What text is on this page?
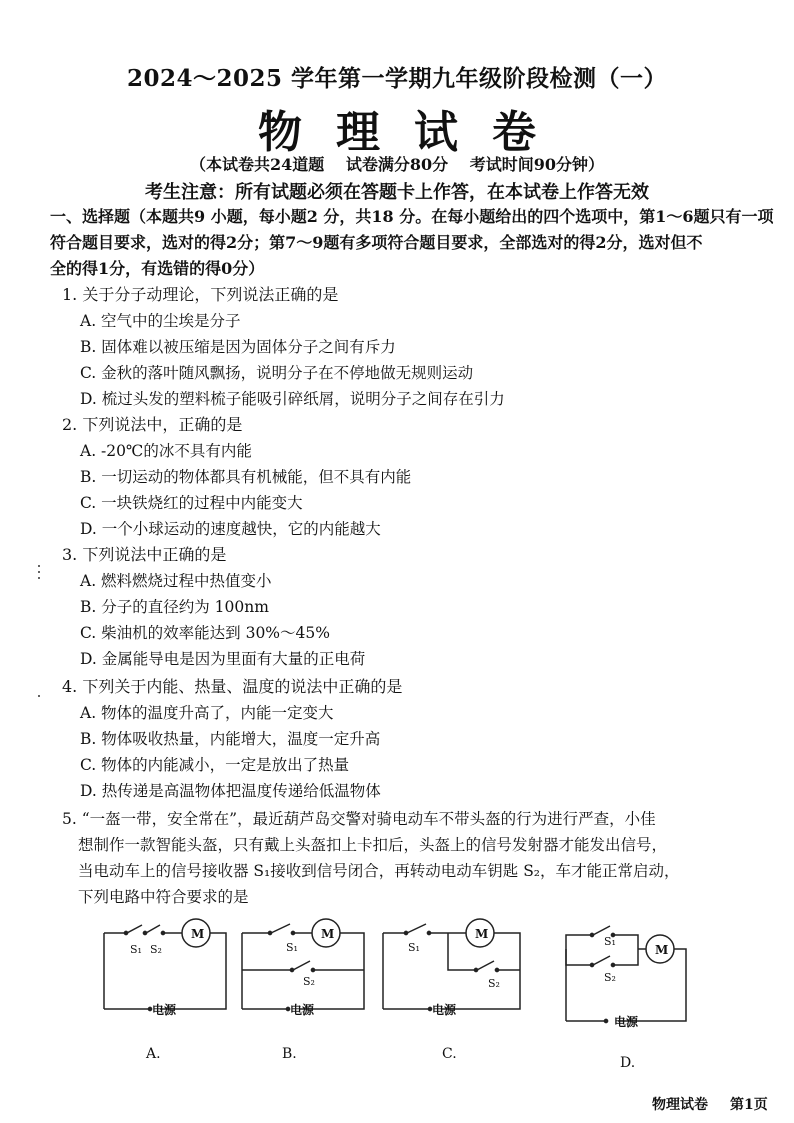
2024～2025 学年第一学期九年级阶段检测（一）
物理试卷
（本试卷共24道题　 试卷满分80分　 考试时间90分钟）
考生注意：所有试题必须在答题卡上作答，在本试卷上作答无效
一、选择题（本题共9 小题，每小题2 分，共18 分。在每小题给出的四个选项中，第1～6题只有一项
符合题目要求，选对的得2分；第7～9题有多项符合题目要求，全部选对的得2分，选对但不
全的得1分，有选错的得0分）
1. 关于分子动理论，下列说法正确的是
A. 空气中的尘埃是分子
B. 固体难以被压缩是因为固体分子之间有斥力
C. 金秋的落叶随风飘扬，说明分子在不停地做无规则运动
D. 梳过头发的塑料梳子能吸引碎纸屑，说明分子之间存在引力
2. 下列说法中，正确的是
A. -20℃的冰不具有内能
B. 一切运动的物体都具有机械能，但不具有内能
C. 一块铁烧红的过程中内能变大
D. 一个小球运动的速度越快，它的内能越大
3. 下列说法中正确的是
A. 燃料燃烧过程中热值变小
B. 分子的直径约为 100nm
C. 柴油机的效率能达到 30%～45%
D. 金属能导电是因为里面有大量的正电荷
4. 下列关于内能、热量、温度的说法中正确的是
A. 物体的温度升高了，内能一定变大
B. 物体吸收热量，内能增大，温度一定升高
C. 物体的内能减小，一定是放出了热量
D. 热传递是高温物体把温度传递给低温物体
5. “一盔一带，安全常在”，最近葫芦岛交警对骑电动车不带头盔的行为进行严查，小佳
想制作一款智能头盔，只有戴上头盔扣上卡扣后，头盔上的信号发射器才能发出信号，
当电动车上的信号接收器 S₁接收到信号闭合，再转动电动车钥匙 S₂，车才能正常启动，
下列电路中符合要求的是
S₁ S₂
M
电源
S₁
S₂
M
电源
S₁
S₂
M
电源
S₁
S₂
M
电源
A.	B.	C.
D.
物理试卷 第1页
